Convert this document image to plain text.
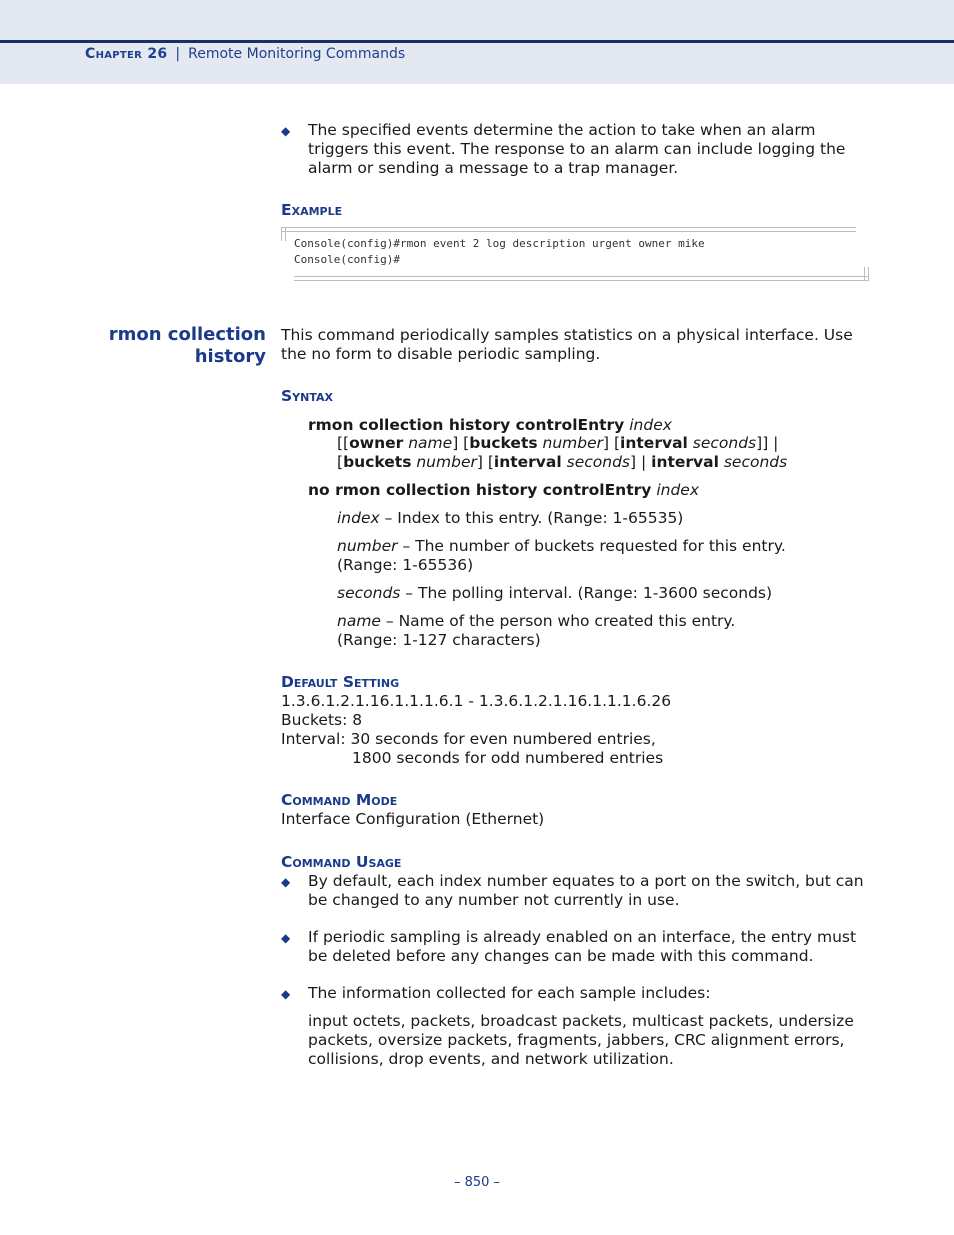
Chapter 26 | Remote Monitoring Commands
◆ The specified events determine the action to take when an alarm
triggers this event. The response to an alarm can include logging the
alarm or sending a message to a trap manager.
Example
Console(config)#rmon event 2 log description urgent owner mike
Console(config)#
rmon collection
history
This command periodically samples statistics on a physical interface. Use
the no form to disable periodic sampling.
Syntax
rmon collection history controlEntry index
[[owner name] [buckets number] [interval seconds]] |
[buckets number] [interval seconds] | interval seconds
no rmon collection history controlEntry index
index – Index to this entry. (Range: 1-65535)
number – The number of buckets requested for this entry.
(Range: 1-65536)
seconds – The polling interval. (Range: 1-3600 seconds)
name – Name of the person who created this entry.
(Range: 1-127 characters)
Default Setting
1.3.6.1.2.1.16.1.1.1.6.1 - 1.3.6.1.2.1.16.1.1.1.6.26
Buckets: 8
Interval: 30 seconds for even numbered entries,
1800 seconds for odd numbered entries
Command Mode
Interface Configuration (Ethernet)
Command Usage
◆ By default, each index number equates to a port on the switch, but can
be changed to any number not currently in use.
◆ If periodic sampling is already enabled on an interface, the entry must
be deleted before any changes can be made with this command.
◆ The information collected for each sample includes:
input octets, packets, broadcast packets, multicast packets, undersize
packets, oversize packets, fragments, jabbers, CRC alignment errors,
collisions, drop events, and network utilization.
– 850 –
